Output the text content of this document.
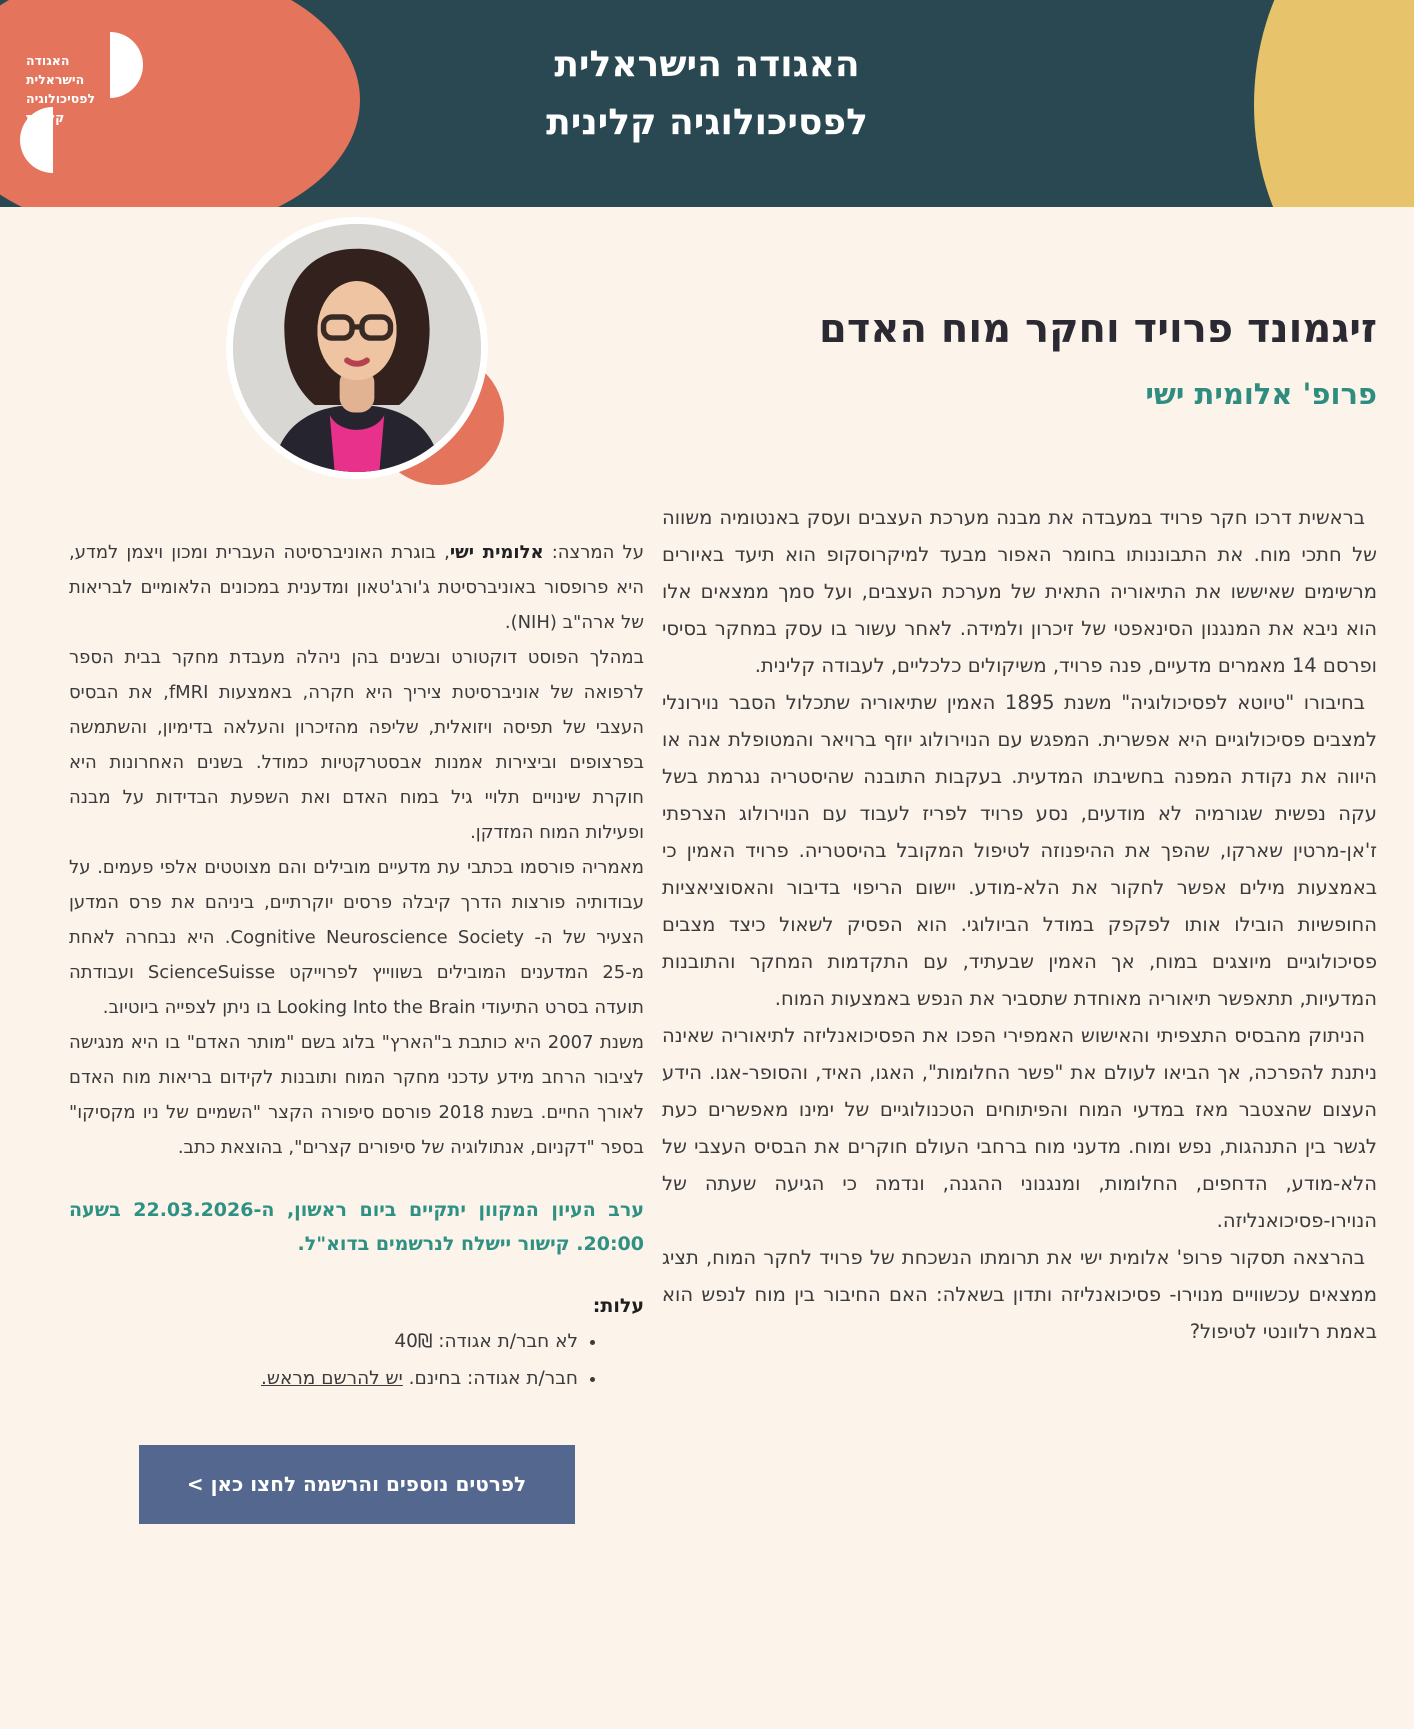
האגודה
הישראלית
לפסיכולוגיה
קלינית
האגודה הישראלית
לפסיכולוגיה קלינית
זיגמונד פרויד וחקר מוח האדם
פרופ' אלומית ישי

בראשית דרכו חקר פרויד במעבדה את מבנה מערכת העצבים ועסק באנטומיה משווה של חתכי מוח. את התבוננותו בחומר האפור מבעד למיקרוסקופ הוא תיעד באיורים מרשימים שאיששו את התיאוריה התאית של מערכת העצבים, ועל סמך ממצאים אלו הוא ניבא את המנגנון הסינאפטי של זיכרון ולמידה. לאחר עשור בו עסק במחקר בסיסי ופרסם 14 מאמרים מדעיים, פנה פרויד, משיקולים כלכליים, לעבודה קלינית.

בחיבורו "טיוטא לפסיכולוגיה" משנת 1895 האמין שתיאוריה שתכלול הסבר נוירונלי למצבים פסיכולוגיים היא אפשרית. המפגש עם הנוירולוג יוזף ברויאר והמטופלת אנה או היווה את נקודת המפנה בחשיבתו המדעית. בעקבות התובנה שהיסטריה נגרמת בשל עקה נפשית שגורמיה לא מודעים, נסע פרויד לפריז לעבוד עם הנוירולוג הצרפתי ז'אן-מרטין שארקו, שהפך את ההיפנוזה לטיפול המקובל בהיסטריה. פרויד האמין כי באמצעות מילים אפשר לחקור את הלא-מודע. יישום הריפוי בדיבור והאסוציאציות החופשיות הובילו אותו לפקפק במודל הביולוגי. הוא הפסיק לשאול כיצד מצבים פסיכולוגיים מיוצגים במוח, אך האמין שבעתיד, עם התקדמות המחקר והתובנות המדעיות, תתאפשר תיאוריה מאוחדת שתסביר את הנפש באמצעות המוח.

הניתוק מהבסיס התצפיתי והאישוש האמפירי הפכו את הפסיכואנליזה לתיאוריה שאינה ניתנת להפרכה, אך הביאו לעולם את "פשר החלומות", האגו, האיד, והסופר-אגו. הידע העצום שהצטבר מאז במדעי המוח והפיתוחים הטכנולוגיים של ימינו מאפשרים כעת לגשר בין התנהגות, נפש ומוח. מדעני מוח ברחבי העולם חוקרים את הבסיס העצבי של הלא-מודע, הדחפים, החלומות, ומנגנוני ההגנה, ונדמה כי הגיעה שעתה של הנוירו-פסיכואנליזה.

בהרצאה תסקור פרופ' אלומית ישי את תרומתו הנשכחת של פרויד לחקר המוח, תציג ממצאים עכשוויים מנוירו- פסיכואנליזה ותדון בשאלה: האם החיבור בין מוח לנפש הוא באמת רלוונטי לטיפול?

על המרצה: אלומית ישי, בוגרת האוניברסיטה העברית ומכון ויצמן למדע, היא פרופסור באוניברסיטת ג'ורג'טאון ומדענית במכונים הלאומיים לבריאות של ארה"ב (NIH).

במהלך הפוסט דוקטורט ובשנים בהן ניהלה מעבדת מחקר בבית הספר לרפואה של אוניברסיטת ציריך היא חקרה, באמצעות fMRI, את הבסיס העצבי של תפיסה ויזואלית, שליפה מהזיכרון והעלאה בדימיון, והשתמשה בפרצופים וביצירות אמנות אבסטרקטיות כמודל. בשנים האחרונות היא חוקרת שינויים תלויי גיל במוח האדם ואת השפעת הבדידות על מבנה ופעילות המוח המזדקן.

מאמריה פורסמו בכתבי עת מדעיים מובילים והם מצוטטים אלפי פעמים. על עבודותיה פורצות הדרך קיבלה פרסים יוקרתיים, ביניהם את פרס המדען הצעיר של ה- Cognitive Neuroscience Society. היא נבחרה לאחת מ-25 המדענים המובילים בשווייץ לפרוייקט ScienceSuisse ועבודתה תועדה בסרט התיעודי Looking Into the Brain בו ניתן לצפייה ביוטיוב.

משנת 2007 היא כותבת ב"הארץ" בלוג בשם "מותר האדם" בו היא מנגישה לציבור הרחב מידע עדכני מחקר המוח ותובנות לקידום בריאות מוח האדם לאורך החיים. בשנת 2018 פורסם סיפורה הקצר "השמיים של ניו מקסיקו" בספר "דקניום, אנתולוגיה של סיפורים קצרים", בהוצאת כתב.

ערב העיון המקוון יתקיים ביום ראשון, ה-22.03.2026 בשעה 20:00. קישור יישלח לנרשמים בדוא"ל.

עלות:

• לא חבר/ת אגודה: 40₪
• חבר/ת אגודה: בחינם. יש להרשם מראש.
לפרטים נוספים והרשמה לחצו כאן >
